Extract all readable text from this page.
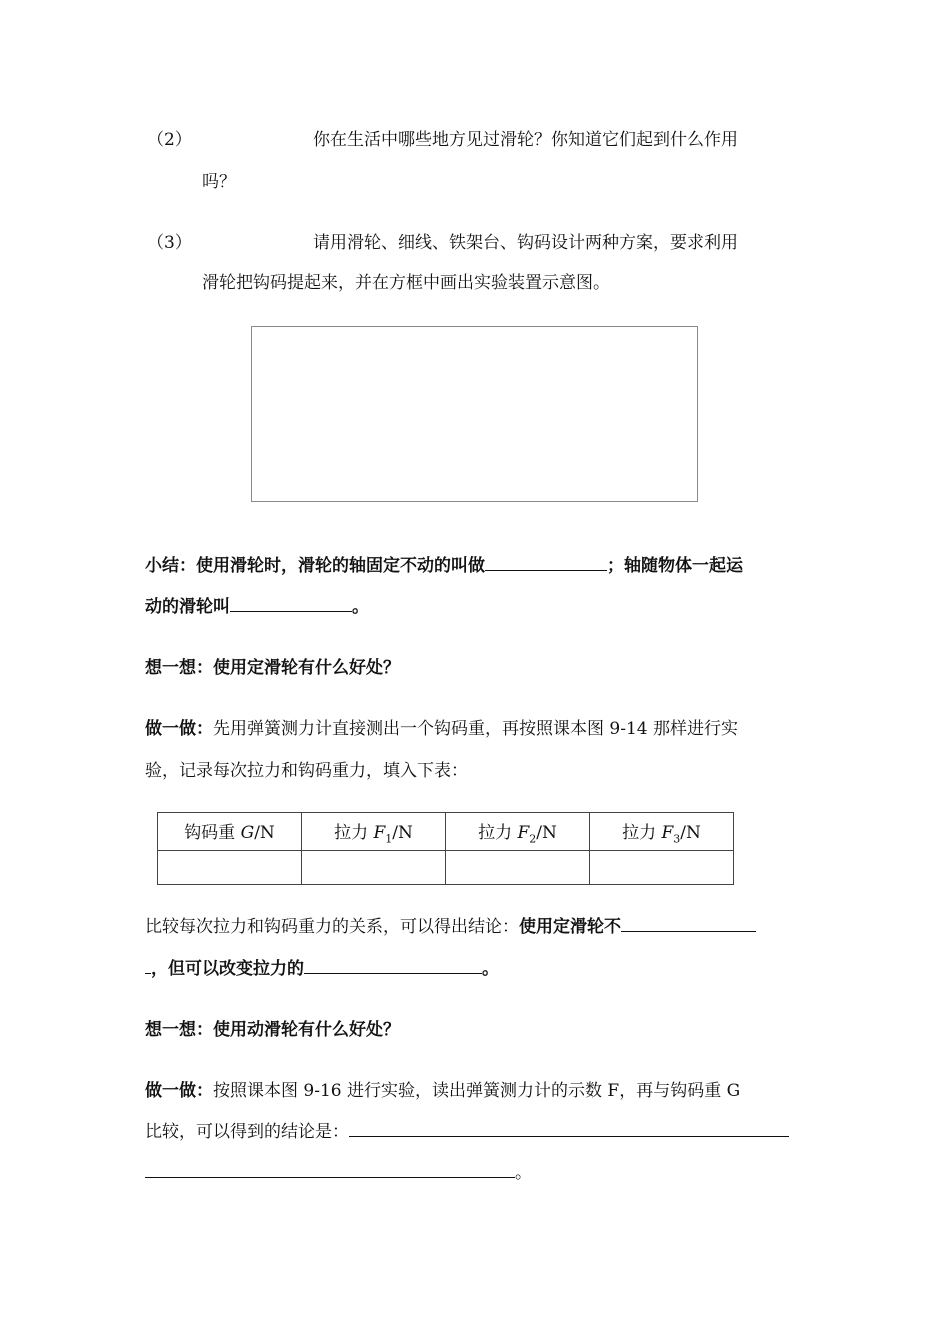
（2）	你在生活中哪些地方见过滑轮？你知道它们起到什么作用
吗？
（3）	请用滑轮、细线、铁架台、钩码设计两种方案，要求利用
滑轮把钩码提起来，并在方框中画出实验装置示意图。
小结：使用滑轮时，滑轮的轴固定不动的叫做	；轴随物体一起运
动的滑轮叫	。
想一想：使用定滑轮有什么好处？
做一做：先用弹簧测力计直接测出一个钩码重，再按照课本图 9-14 那样进行实
验，记录每次拉力和钩码重力，填入下表：
钩码重 G/N	拉力 $F_1/N$	拉力 $F_2/N$	拉力 $F_3/N$

比较每次拉力和钩码重力的关系，可以得出结论：使用定滑轮不
，但可以改变拉力的	。
想一想：使用动滑轮有什么好处？
做一做：按照课本图 9-16 进行实验，读出弹簧测力计的示数 F，再与钩码重 G
比较，可以得到的结论是：
。
